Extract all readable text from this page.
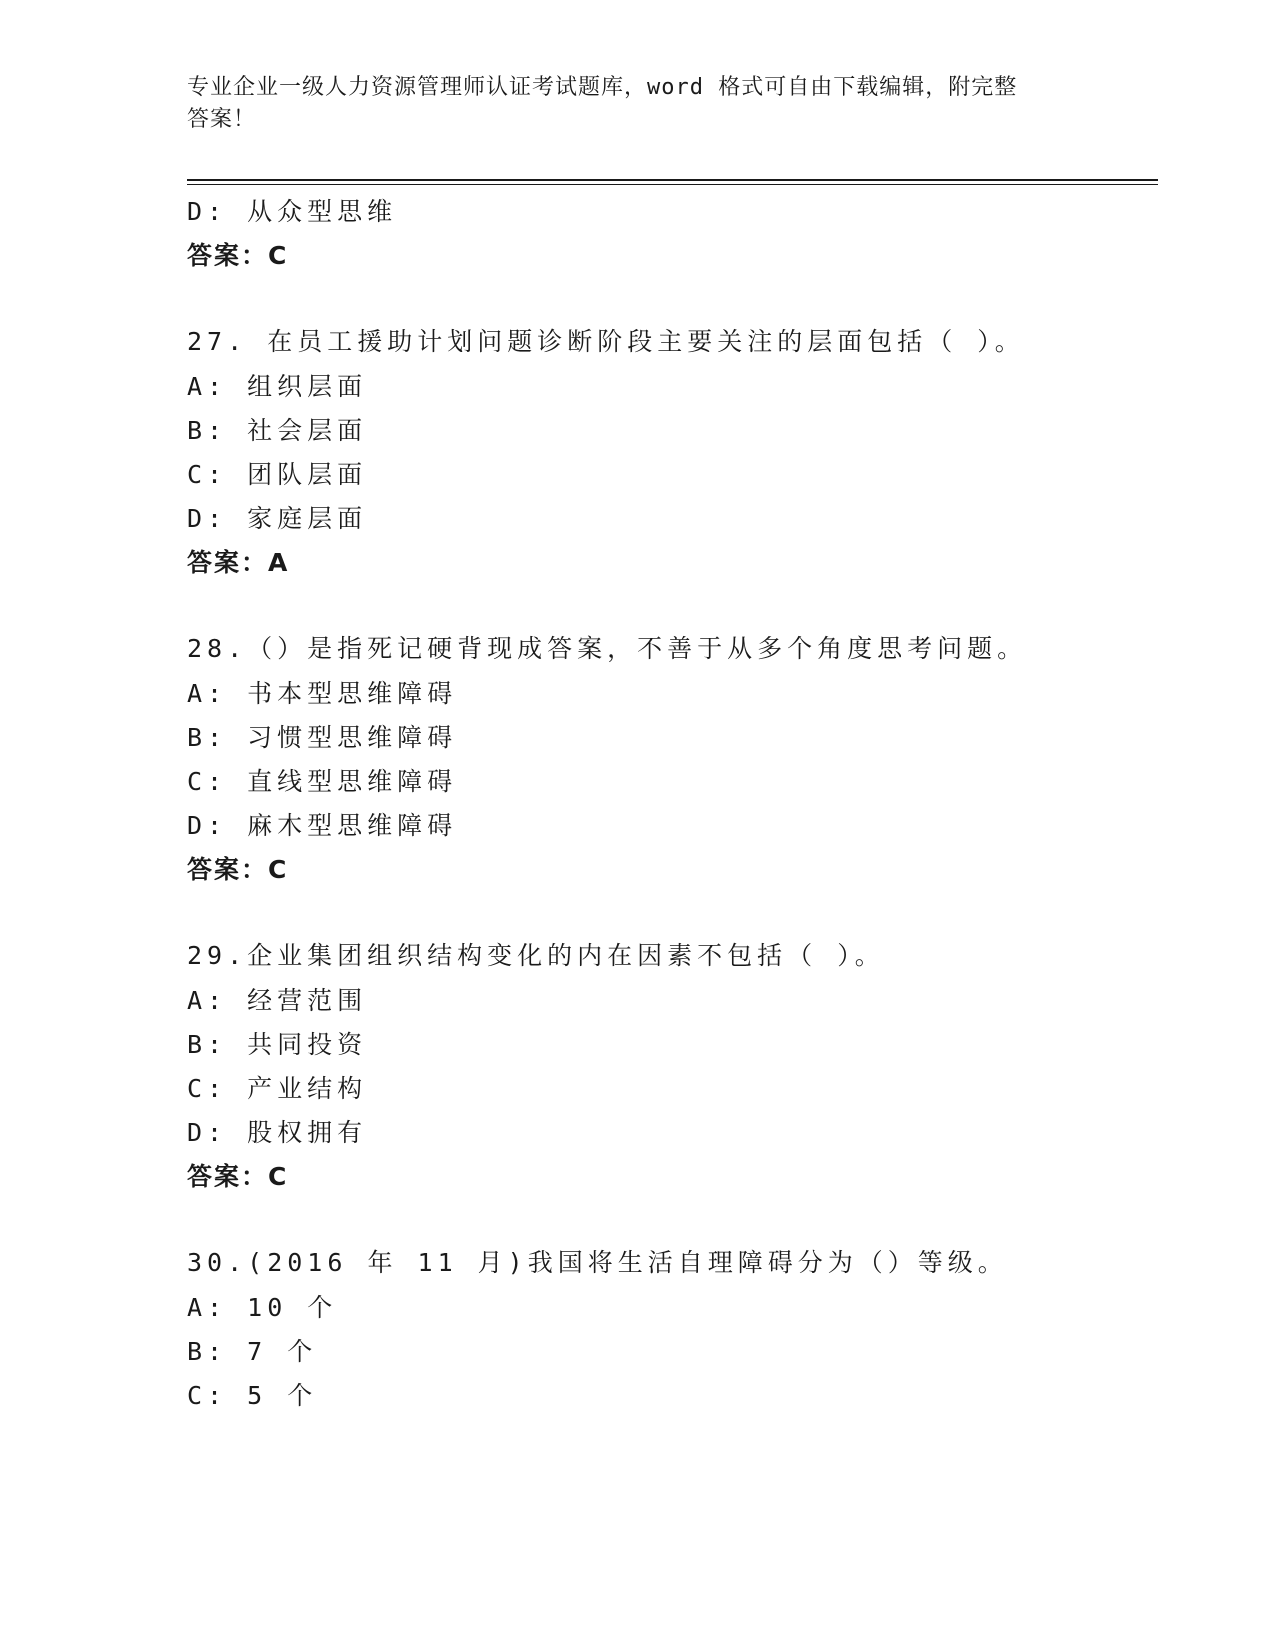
专业企业一级人力资源管理师认证考试题库，word 格式可自由下载编辑，附完整
答案！
D: 从众型思维
答案：C
27. 在员工援助计划问题诊断阶段主要关注的层面包括（ ）。
A: 组织层面
B: 社会层面
C: 团队层面
D: 家庭层面
答案：A
28.（）是指死记硬背现成答案，不善于从多个角度思考问题。
A: 书本型思维障碍
B: 习惯型思维障碍
C: 直线型思维障碍
D: 麻木型思维障碍
答案：C
29.企业集团组织结构变化的内在因素不包括（ ）。
A: 经营范围
B: 共同投资
C: 产业结构
D: 股权拥有
答案：C
30.(2016 年 11 月)我国将生活自理障碍分为（）等级。
A: 10 个
B: 7 个
C: 5 个
